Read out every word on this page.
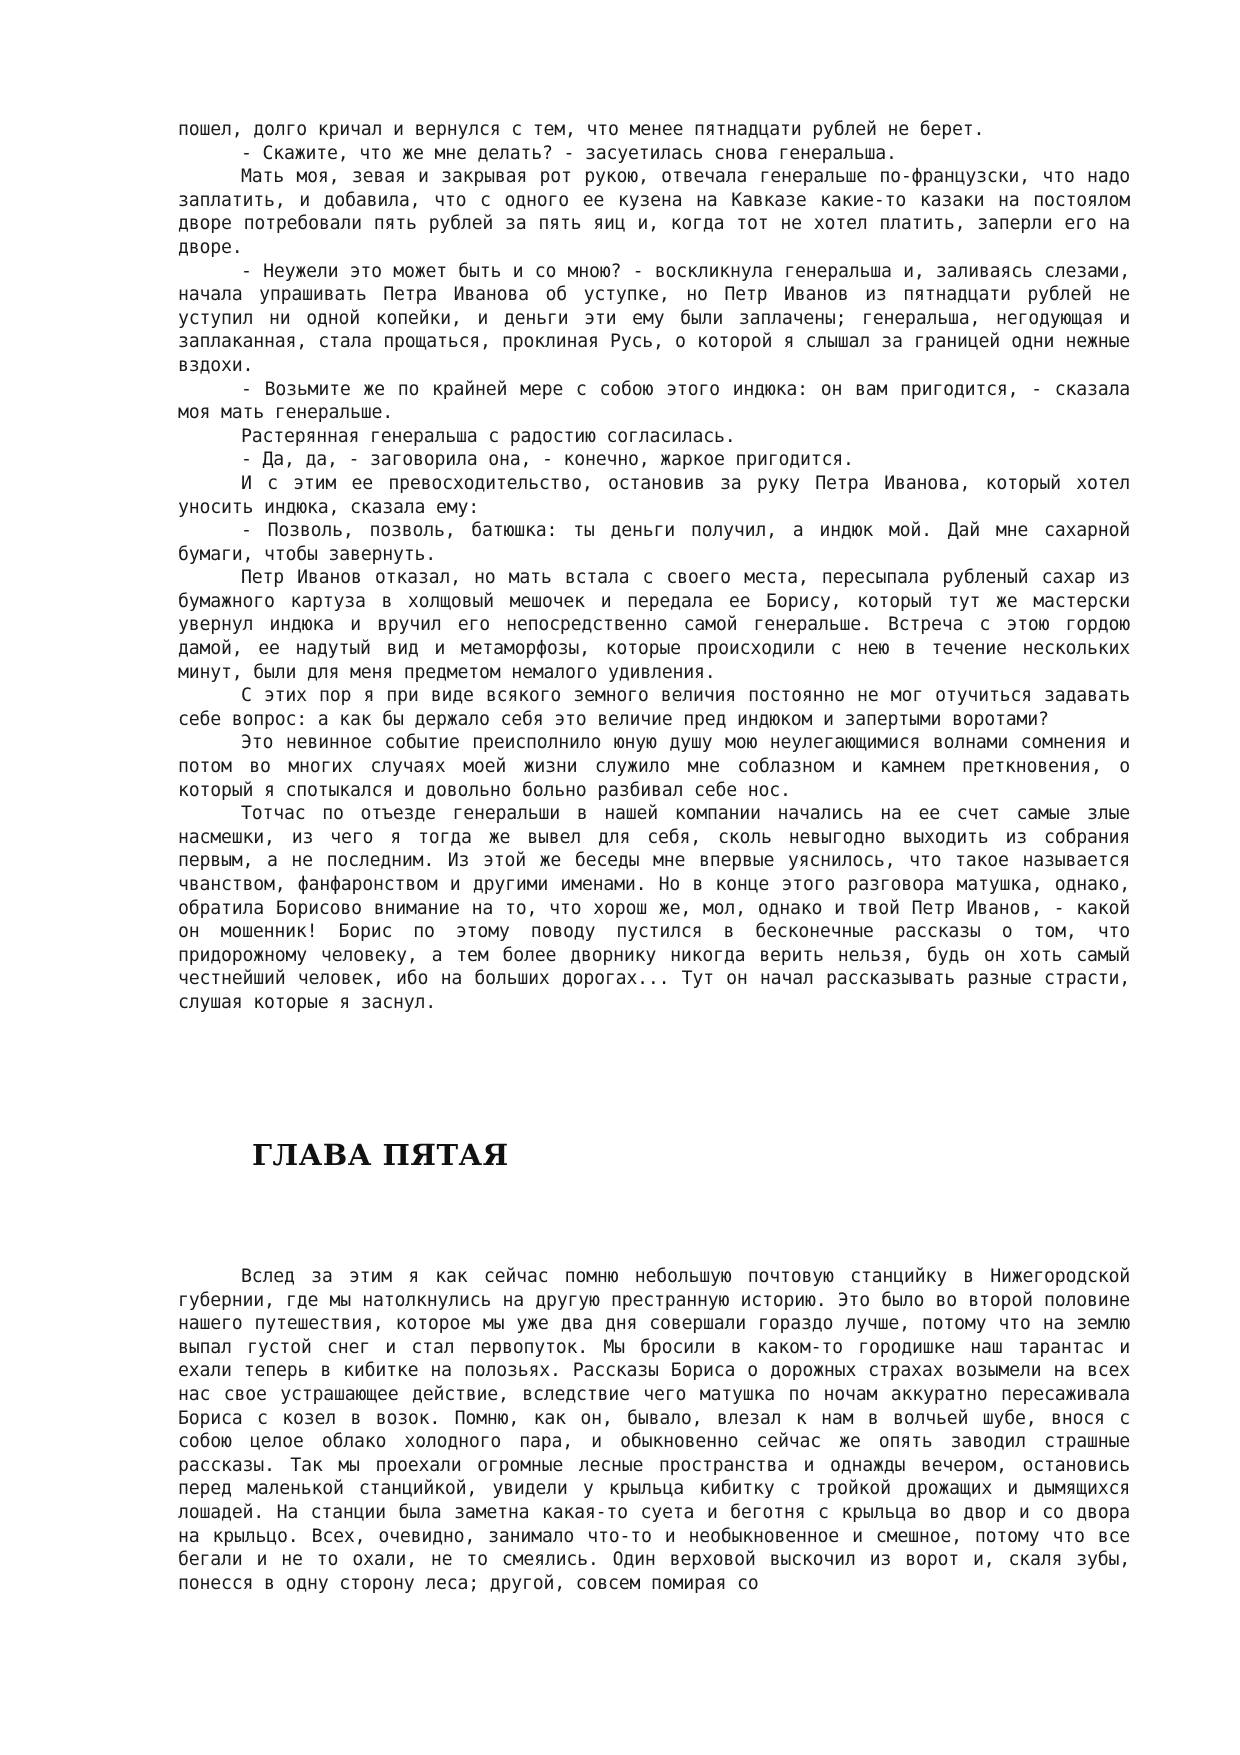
пошел, долго кричал и вернулся с тем, что менее пятнадцати рублей не берет.

- Скажите, что же мне делать? - засуетилась снова генеральша.

Мать моя, зевая и закрывая рот рукою, отвечала генеральше по-французски, что надо заплатить, и добавила, что с одного ее кузена на Кавказе какие-то казаки на постоялом дворе потребовали пять рублей за пять яиц и, когда тот не хотел платить, заперли его на дворе.

- Неужели это может быть и со мною? - воскликнула генеральша и, заливаясь слезами, начала упрашивать Петра Иванова об уступке, но Петр Иванов из пятнадцати рублей не уступил ни одной копейки, и деньги эти ему были заплачены; генеральша, негодующая и заплаканная, стала прощаться, проклиная Русь, о которой я слышал за границей одни нежные вздохи.

- Возьмите же по крайней мере с собою этого индюка: он вам пригодится, - сказала моя мать генеральше.

Растерянная генеральша с радостию согласилась.

- Да, да, - заговорила она, - конечно, жаркое пригодится.

И с этим ее превосходительство, остановив за руку Петра Иванова, который хотел уносить индюка, сказала ему:

- Позволь, позволь, батюшка: ты деньги получил, а индюк мой. Дай мне сахарной бумаги, чтобы завернуть.

Петр Иванов отказал, но мать встала с своего места, пересыпала рубленый сахар из бумажного картуза в холщовый мешочек и передала ее Борису, который тут же мастерски увернул индюка и вручил его непосредственно самой генеральше. Встреча с этою гордою дамой, ее надутый вид и метаморфозы, которые происходили с нею в течение нескольких минут, были для меня предметом немалого удивления.

С этих пор я при виде всякого земного величия постоянно не мог отучиться задавать себе вопрос: а как бы держало себя это величие пред индюком и запертыми воротами?

Это невинное событие преисполнило юную душу мою неулегающимися волнами сомнения и потом во многих случаях моей жизни служило мне соблазном и камнем преткновения, о который я спотыкался и довольно больно разбивал себе нос.

Тотчас по отъезде генеральши в нашей компании начались на ее счет самые злые насмешки, из чего я тогда же вывел для себя, сколь невыгодно выходить из собрания первым, а не последним. Из этой же беседы мне впервые уяснилось, что такое называется чванством, фанфаронством и другими именами. Но в конце этого разговора матушка, однако, обратила Борисово внимание на то, что хорош же, мол, однако и твой Петр Иванов, - какой он мошенник! Борис по этому поводу пустился в бесконечные рассказы о том, что придорожному человеку, а тем более дворнику никогда верить нельзя, будь он хоть самый честнейший человек, ибо на больших дорогах... Тут он начал рассказывать разные страсти, слушая которые я заснул.

ГЛАВА ПЯТАЯ

Вслед за этим я как сейчас помню небольшую почтовую станцийку в Нижегородской губернии, где мы натолкнулись на другую престранную историю. Это было во второй половине нашего путешествия, которое мы уже два дня совершали гораздо лучше, потому что на землю выпал густой снег и стал первопуток. Мы бросили в каком-то городишке наш тарантас и ехали теперь в кибитке на полозьях. Рассказы Бориса о дорожных страхах возымели на всех нас свое устрашающее действие, вследствие чего матушка по ночам аккуратно пересаживала Бориса с козел в возок. Помню, как он, бывало, влезал к нам в волчьей шубе, внося с собою целое облако холодного пара, и обыкновенно сейчас же опять заводил страшные рассказы. Так мы проехали огромные лесные пространства и однажды вечером, остановись перед маленькой станцийкой, увидели у крыльца кибитку с тройкой дрожащих и дымящихся лошадей. На станции была заметна какая-то суета и беготня с крыльца во двор и со двора на крыльцо. Всех, очевидно, занимало что-то и необыкновенное и смешное, потому что все бегали и не то охали, не то смеялись. Один верховой выскочил из ворот и, скаля зубы, понесся в одну сторону леса; другой, совсем помирая со
